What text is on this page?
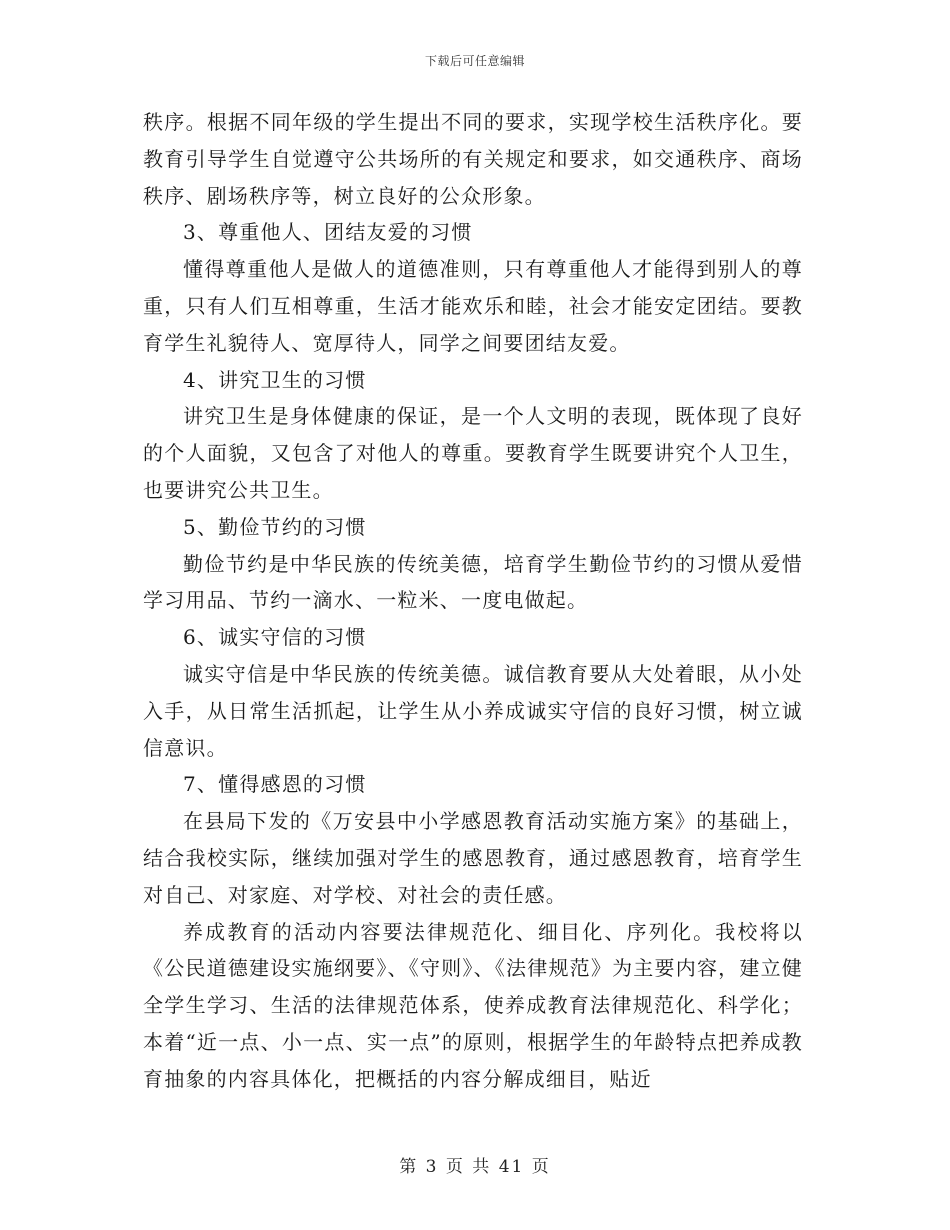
下载后可任意编辑

秩序。根据不同年级的学生提出不同的要求，实现学校生活秩序化。要教育引导学生自觉遵守公共场所的有关规定和要求，如交通秩序、商场秩序、剧场秩序等，树立良好的公众形象。

3、尊重他人、团结友爱的习惯

懂得尊重他人是做人的道德准则，只有尊重他人才能得到别人的尊重，只有人们互相尊重，生活才能欢乐和睦，社会才能安定团结。要教育学生礼貌待人、宽厚待人，同学之间要团结友爱。

4、讲究卫生的习惯

讲究卫生是身体健康的保证，是一个人文明的表现，既体现了良好的个人面貌，又包含了对他人的尊重。要教育学生既要讲究个人卫生，也要讲究公共卫生。

5、勤俭节约的习惯

勤俭节约是中华民族的传统美德，培育学生勤俭节约的习惯从爱惜学习用品、节约一滴水、一粒米、一度电做起。

6、诚实守信的习惯

诚实守信是中华民族的传统美德。诚信教育要从大处着眼，从小处入手，从日常生活抓起，让学生从小养成诚实守信的良好习惯，树立诚信意识。

7、懂得感恩的习惯

在县局下发的《万安县中小学感恩教育活动实施方案》的基础上，结合我校实际，继续加强对学生的感恩教育，通过感恩教育，培育学生对自己、对家庭、对学校、对社会的责任感。

养成教育的活动内容要法律规范化、细目化、序列化。我校将以《公民道德建设实施纲要》、《守则》、《法律规范》为主要内容，建立健全学生学习、生活的法律规范体系，使养成教育法律规范化、科学化；本着“近一点、小一点、实一点”的原则，根据学生的年龄特点把养成教育抽象的内容具体化，把概括的内容分解成细目，贴近

第 3 页 共 41 页
